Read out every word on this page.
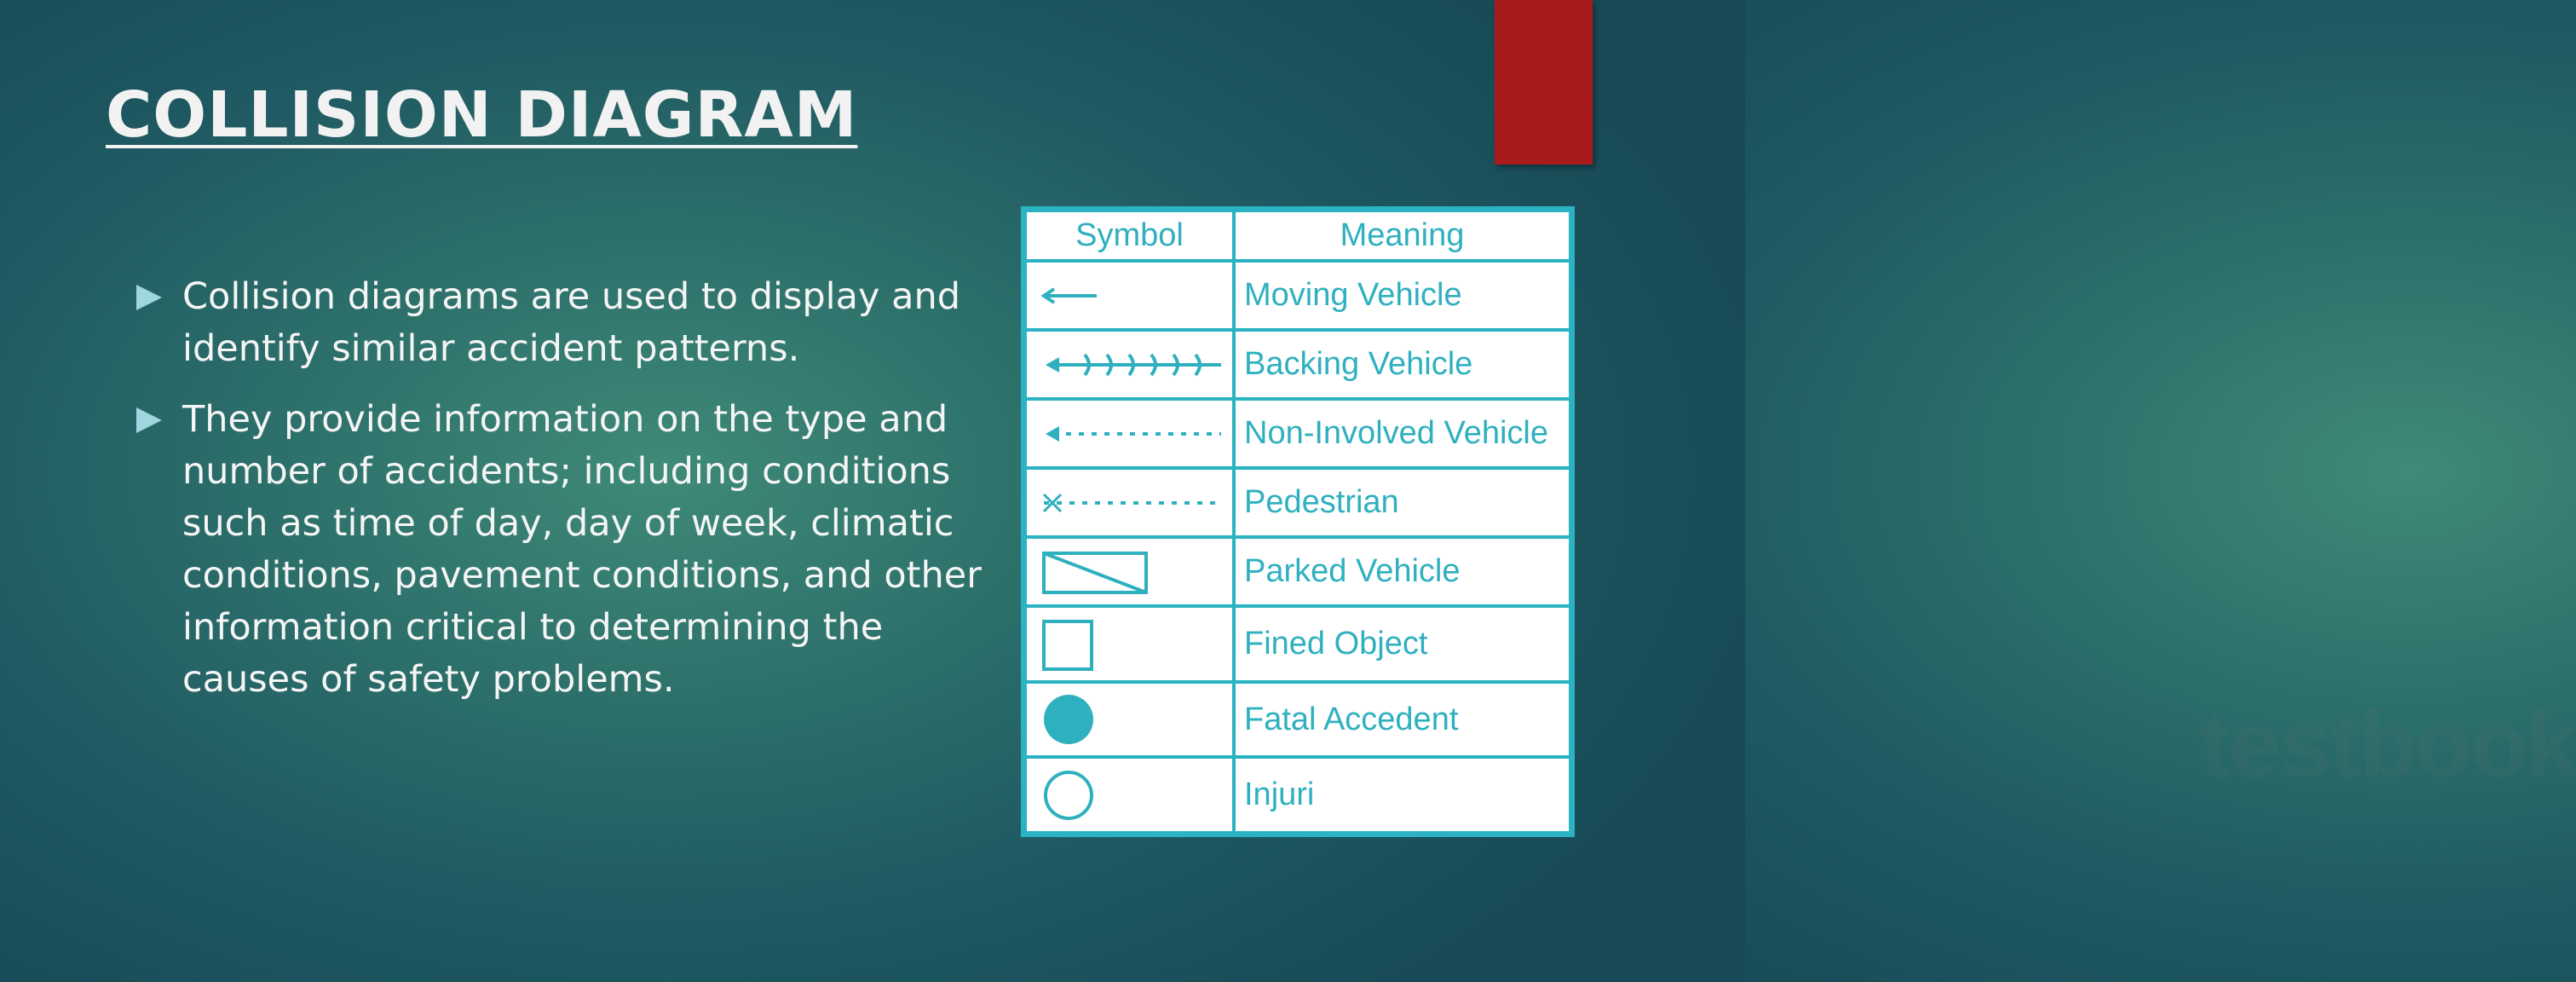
COLLISION DIAGRAM
Collision diagrams are used to display and identify similar accident patterns.
They provide information on the type and number of accidents; including conditions such as time of day, day of week, climatic conditions, pavement conditions, and other information critical to determining the causes of safety problems.
testbook
Symbol	Meaning

	Moving Vehicle

	Backing Vehicle

	Non-Involved Vehicle

	Pedestrian

	Parked Vehicle

	Fined Object

	Fatal Accedent

	Injuri
